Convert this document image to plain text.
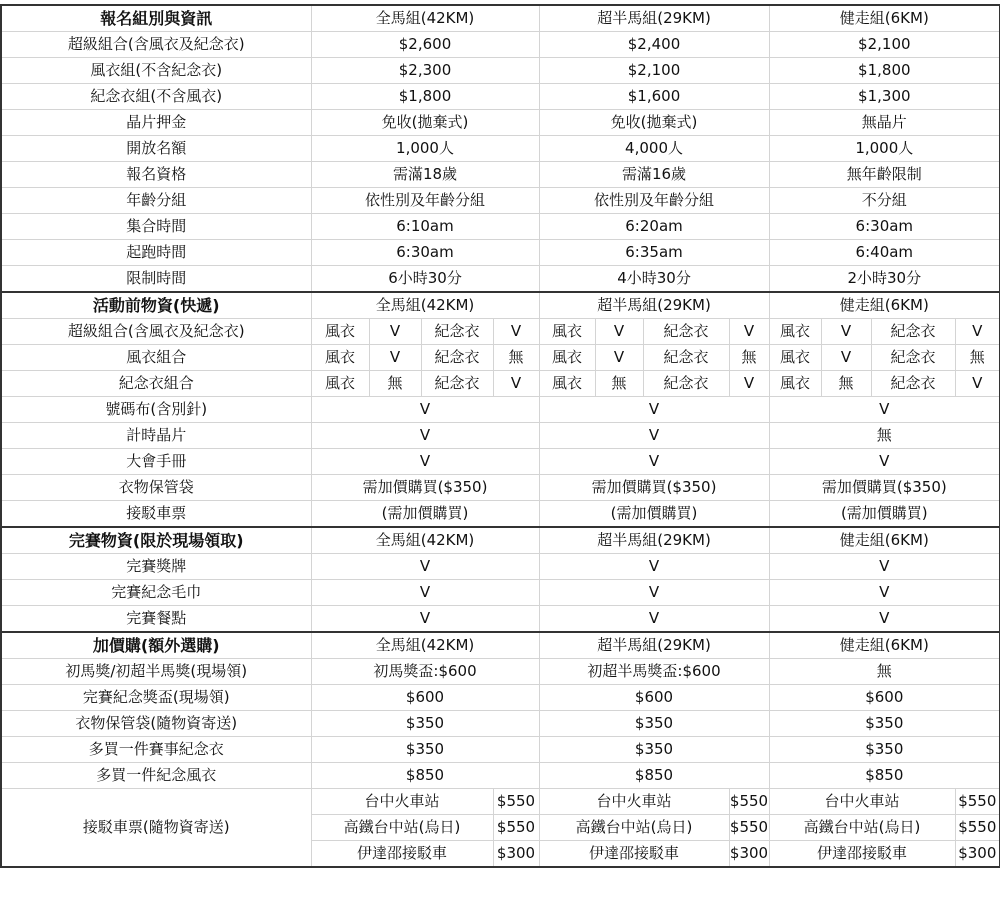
報名組別與資訊	全馬組(42KM)				超半馬組(29KM)				健走組(6KM)			
超級組合(含風衣及紀念衣)	$2,600				$2,400				$2,100			
風衣組(不含紀念衣)	$2,300				$2,100				$1,800			
紀念衣組(不含風衣)	$1,800				$1,600				$1,300			
晶片押金	免收(拋棄式)				免收(拋棄式)				無晶片			
開放名額	1,000人				4,000人				1,000人			
報名資格	需滿18歲				需滿16歲				無年齡限制			
年齡分組	依性別及年齡分組				依性別及年齡分組				不分組			
集合時間	6:10am				6:20am				6:30am			
起跑時間	6:30am				6:35am				6:40am			
限制時間	6小時30分				4小時30分				2小時30分			
活動前物資(快遞)	全馬組(42KM)				超半馬組(29KM)				健走組(6KM)			
超級組合(含風衣及紀念衣)	風衣	V	紀念衣	V	風衣	V	紀念衣	V	風衣	V	紀念衣	V
風衣組合	風衣	V	紀念衣	無	風衣	V	紀念衣	無	風衣	V	紀念衣	無
紀念衣組合	風衣	無	紀念衣	V	風衣	無	紀念衣	V	風衣	無	紀念衣	V
號碼布(含別針)	V				V				V			
計時晶片	V				V				無			
大會手冊	V				V				V			
衣物保管袋	需加價購買($350)				需加價購買($350)				需加價購買($350)			
接駁車票	(需加價購買)				(需加價購買)				(需加價購買)			
完賽物資(限於現場領取)	全馬組(42KM)				超半馬組(29KM)				健走組(6KM)			
完賽獎牌	V				V				V			
完賽紀念毛巾	V				V				V			
完賽餐點	V				V				V			
加價購(額外選購)	全馬組(42KM)				超半馬組(29KM)				健走組(6KM)			
初馬獎/初超半馬獎(現場領)	初馬獎盃:$600				初超半馬獎盃:$600				無			
完賽紀念獎盃(現場領)	$600				$600				$600			
衣物保管袋(隨物資寄送)	$350				$350				$350			
多買一件賽事紀念衣	$350				$350				$350			
多買一件紀念風衣	$850				$850				$850			
接駁車票(隨物資寄送)	台中火車站			$550	台中火車站			$550	台中火車站			$550
	高鐵台中站(烏日)			$550	高鐵台中站(烏日)			$550	高鐵台中站(烏日)			$550
	伊達邵接駁車			$300	伊達邵接駁車			$300	伊達邵接駁車			$300
